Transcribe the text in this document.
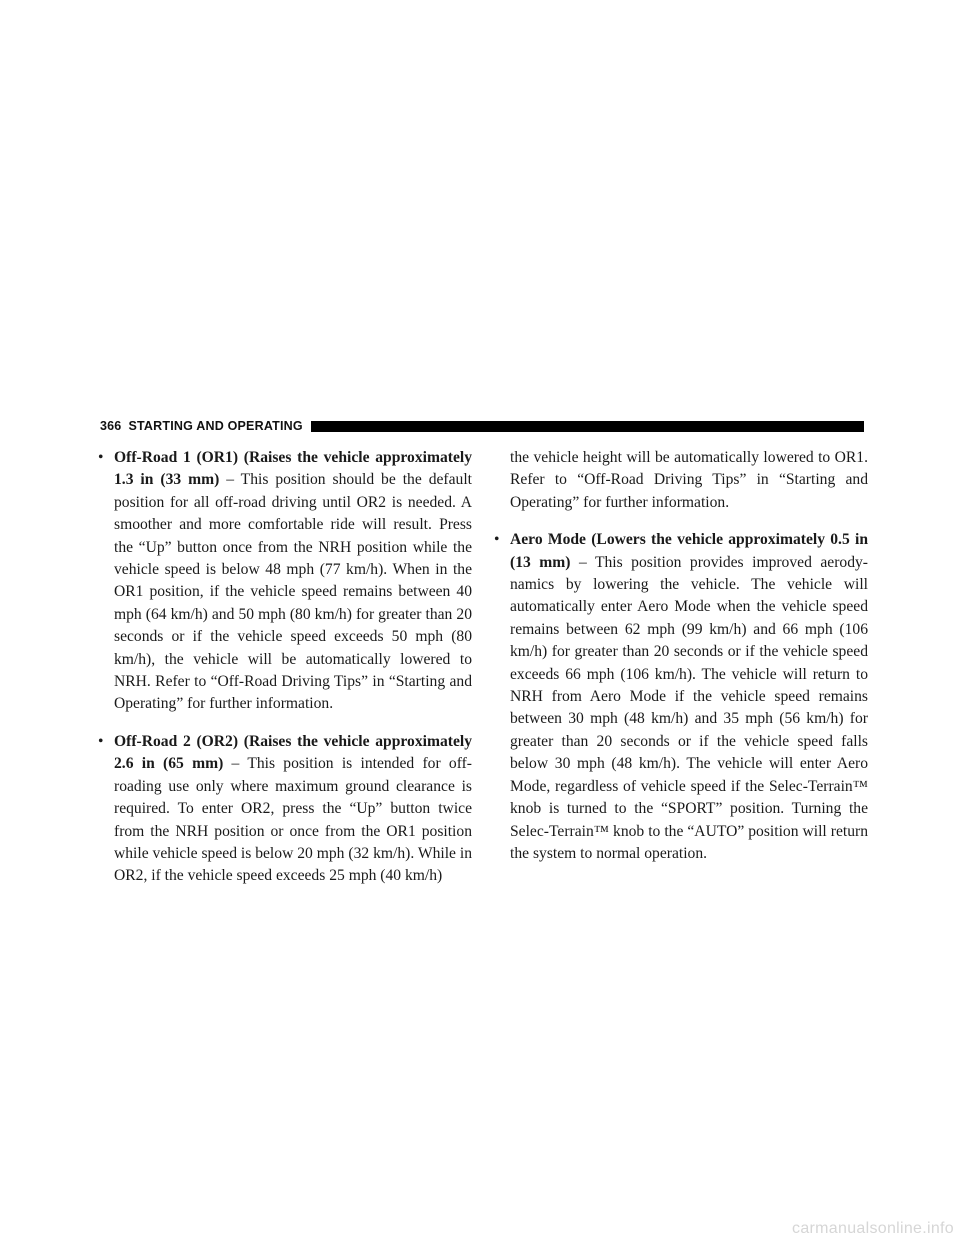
366 STARTING AND OPERATING
• Off-Road 1 (OR1) (Raises the vehicle approximately 1.3 in (33 mm) – This position should be the default position for all off-road driving until OR2 is needed. A smoother and more comfortable ride will result. Press the “Up” button once from the NRH position while the vehicle speed is below 48 mph (77 km/h). When in the OR1 position, if the vehicle speed remains between 40 mph (64 km/h) and 50 mph (80 km/h) for greater than 20 seconds or if the vehicle speed exceeds 50 mph (80 km/h), the vehicle will be automatically lowered to NRH. Refer to “Off-Road Driving Tips” in “Starting and Operating” for further information.
• Off-Road 2 (OR2) (Raises the vehicle approximately 2.6 in (65 mm) – This position is intended for off-roading use only where maximum ground clearance is required. To enter OR2, press the “Up” button twice from the NRH position or once from the OR1 position while vehicle speed is below 20 mph (32 km/h). While in OR2, if the vehicle speed exceeds 25 mph (40 km/h)

the vehicle height will be automatically lowered to OR1. Refer to “Off-Road Driving Tips” in “Starting and Operating” for further information.

• Aero Mode (Lowers the vehicle approximately 0.5 in (13 mm) – This position provides improved aerodynamics by lowering the vehicle. The vehicle will automatically enter Aero Mode when the vehicle speed remains between 62 mph (99 km/h) and 66 mph (106 km/h) for greater than 20 seconds or if the vehicle speed exceeds 66 mph (106 km/h). The vehicle will return to NRH from Aero Mode if the vehicle speed remains between 30 mph (48 km/h) and 35 mph (56 km/h) for greater than 20 seconds or if the vehicle speed falls below 30 mph (48 km/h). The vehicle will enter Aero Mode, regardless of vehicle speed if the Selec-Terrain™ knob is turned to the “SPORT” position. Turning the Selec-Terrain™ knob to the “AUTO” position will return the system to normal operation.
carmanualsonline.info
